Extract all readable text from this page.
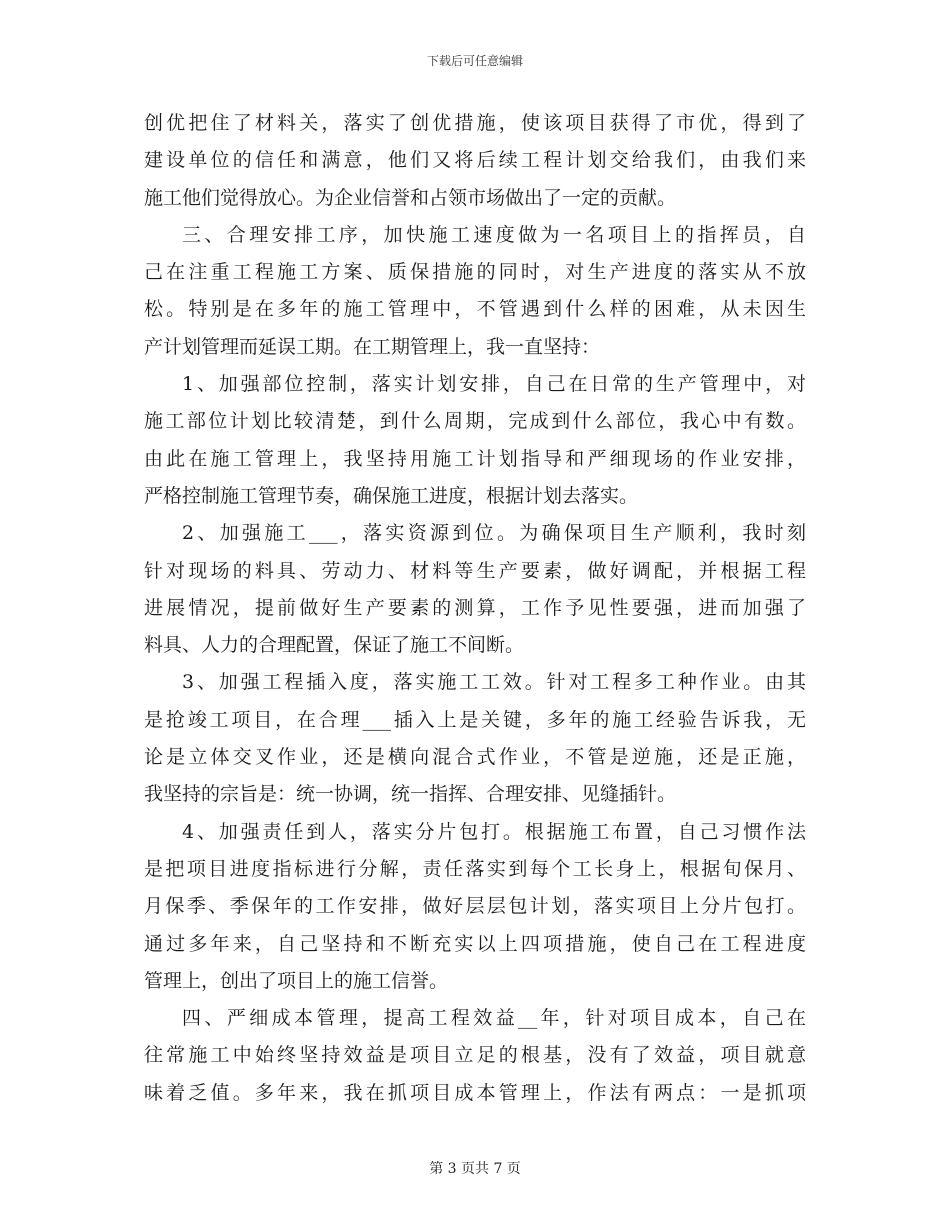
下载后可任意编辑
创优把住了材料关，落实了创优措施，使该项目获得了市优，得到了
建设单位的信任和满意，他们又将后续工程计划交给我们，由我们来
施工他们觉得放心。为企业信誉和占领市场做出了一定的贡献。
三、合理安排工序，加快施工速度做为一名项目上的指挥员，自
己在注重工程施工方案、质保措施的同时，对生产进度的落实从不放
松。特别是在多年的施工管理中，不管遇到什么样的困难，从未因生
产计划管理而延误工期。在工期管理上，我一直坚持：
1、加强部位控制，落实计划安排，自己在日常的生产管理中，对
施工部位计划比较清楚，到什么周期，完成到什么部位，我心中有数。
由此在施工管理上，我坚持用施工计划指导和严细现场的作业安排，
严格控制施工管理节奏，确保施工进度，根据计划去落实。
2、加强施工___，落实资源到位。为确保项目生产顺利，我时刻
针对现场的料具、劳动力、材料等生产要素，做好调配，并根据工程
进展情况，提前做好生产要素的测算，工作予见性要强，进而加强了
料具、人力的合理配置，保证了施工不间断。
3、加强工程插入度，落实施工工效。针对工程多工种作业。由其
是抢竣工项目，在合理___插入上是关键，多年的施工经验告诉我，无
论是立体交叉作业，还是横向混合式作业，不管是逆施，还是正施，
我坚持的宗旨是：统一协调，统一指挥、合理安排、见缝插针。
4、加强责任到人，落实分片包打。根据施工布置，自己习惯作法
是把项目进度指标进行分解，责任落实到每个工长身上，根据旬保月、
月保季、季保年的工作安排，做好层层包计划，落实项目上分片包打。
通过多年来，自己坚持和不断充实以上四项措施，使自己在工程进度
管理上，创出了项目上的施工信誉。
四、严细成本管理，提高工程效益__年，针对项目成本，自己在
往常施工中始终坚持效益是项目立足的根基，没有了效益，项目就意
味着乏值。多年来，我在抓项目成本管理上，作法有两点：一是抓项
第 3 页共 7 页
